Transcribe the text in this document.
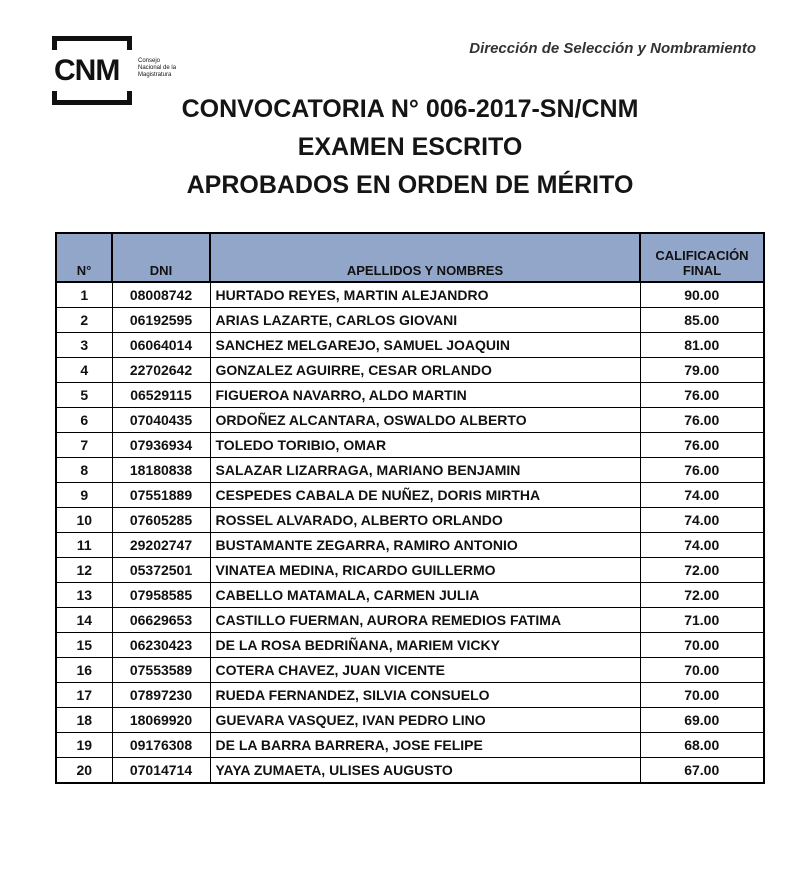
CNM	Consejo
Nacional de la
Magistratura
Dirección de Selección y Nombramiento
CONVOCATORIA N° 006-2017-SN/CNM
EXAMEN ESCRITO
APROBADOS EN ORDEN DE MÉRITO
N°	DNI	APELLIDOS Y NOMBRES	CALIFICACIÓN
FINAL
1	08008742	HURTADO REYES, MARTIN ALEJANDRO	90.00
2	06192595	ARIAS LAZARTE, CARLOS GIOVANI	85.00
3	06064014	SANCHEZ MELGAREJO, SAMUEL JOAQUIN	81.00
4	22702642	GONZALEZ AGUIRRE, CESAR ORLANDO	79.00
5	06529115	FIGUEROA NAVARRO, ALDO MARTIN	76.00
6	07040435	ORDOÑEZ ALCANTARA, OSWALDO ALBERTO	76.00
7	07936934	TOLEDO TORIBIO, OMAR	76.00
8	18180838	SALAZAR LIZARRAGA, MARIANO BENJAMIN	76.00
9	07551889	CESPEDES CABALA DE NUÑEZ, DORIS MIRTHA	74.00
10	07605285	ROSSEL ALVARADO, ALBERTO ORLANDO	74.00
11	29202747	BUSTAMANTE ZEGARRA, RAMIRO ANTONIO	74.00
12	05372501	VINATEA MEDINA, RICARDO GUILLERMO	72.00
13	07958585	CABELLO MATAMALA, CARMEN JULIA	72.00
14	06629653	CASTILLO FUERMAN, AURORA REMEDIOS FATIMA	71.00
15	06230423	DE LA ROSA BEDRIÑANA, MARIEM VICKY	70.00
16	07553589	COTERA CHAVEZ, JUAN VICENTE	70.00
17	07897230	RUEDA FERNANDEZ, SILVIA CONSUELO	70.00
18	18069920	GUEVARA VASQUEZ, IVAN PEDRO LINO	69.00
19	09176308	DE LA BARRA BARRERA, JOSE FELIPE	68.00
20	07014714	YAYA ZUMAETA, ULISES AUGUSTO	67.00
